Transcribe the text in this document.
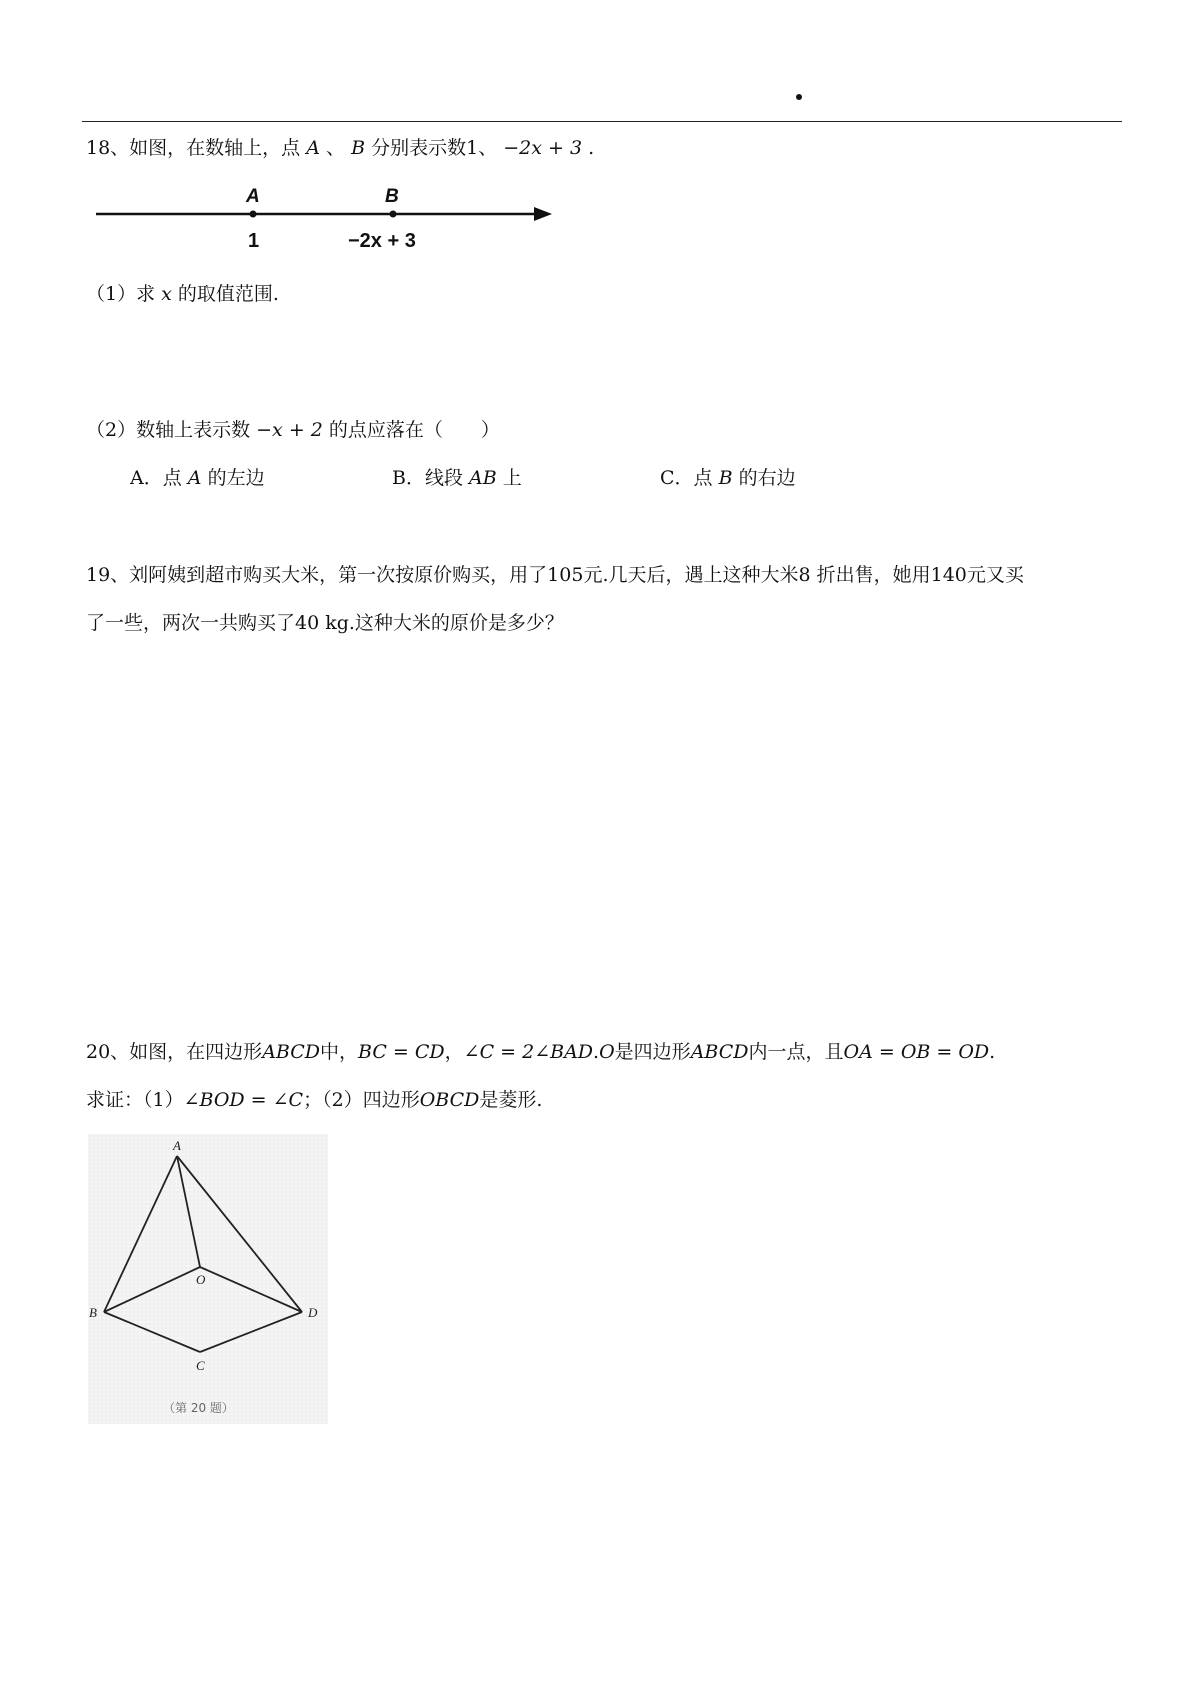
18、如图，在数轴上，点 A 、 B 分别表示数1、 −2x + 3 .
A	B
1	−2x + 3
（1）求 x 的取值范围.
（2）数轴上表示数 −x + 2 的点应落在（　　）
A．点 A 的左边	B．线段 AB 上	C．点 B 的右边
19、刘阿姨到超市购买大米，第一次按原价购买，用了105元.几天后，遇上这种大米8 折出售，她用140元又买
了一些，两次一共购买了40 kg.这种大米的原价是多少？
20、如图，在四边形ABCD中，BC = CD，∠C = 2∠BAD.O是四边形ABCD内一点，且OA = OB = OD.
求证：（1）∠BOD = ∠C；（2）四边形OBCD是菱形.
A
O
B	D
C
（第 20 题）
